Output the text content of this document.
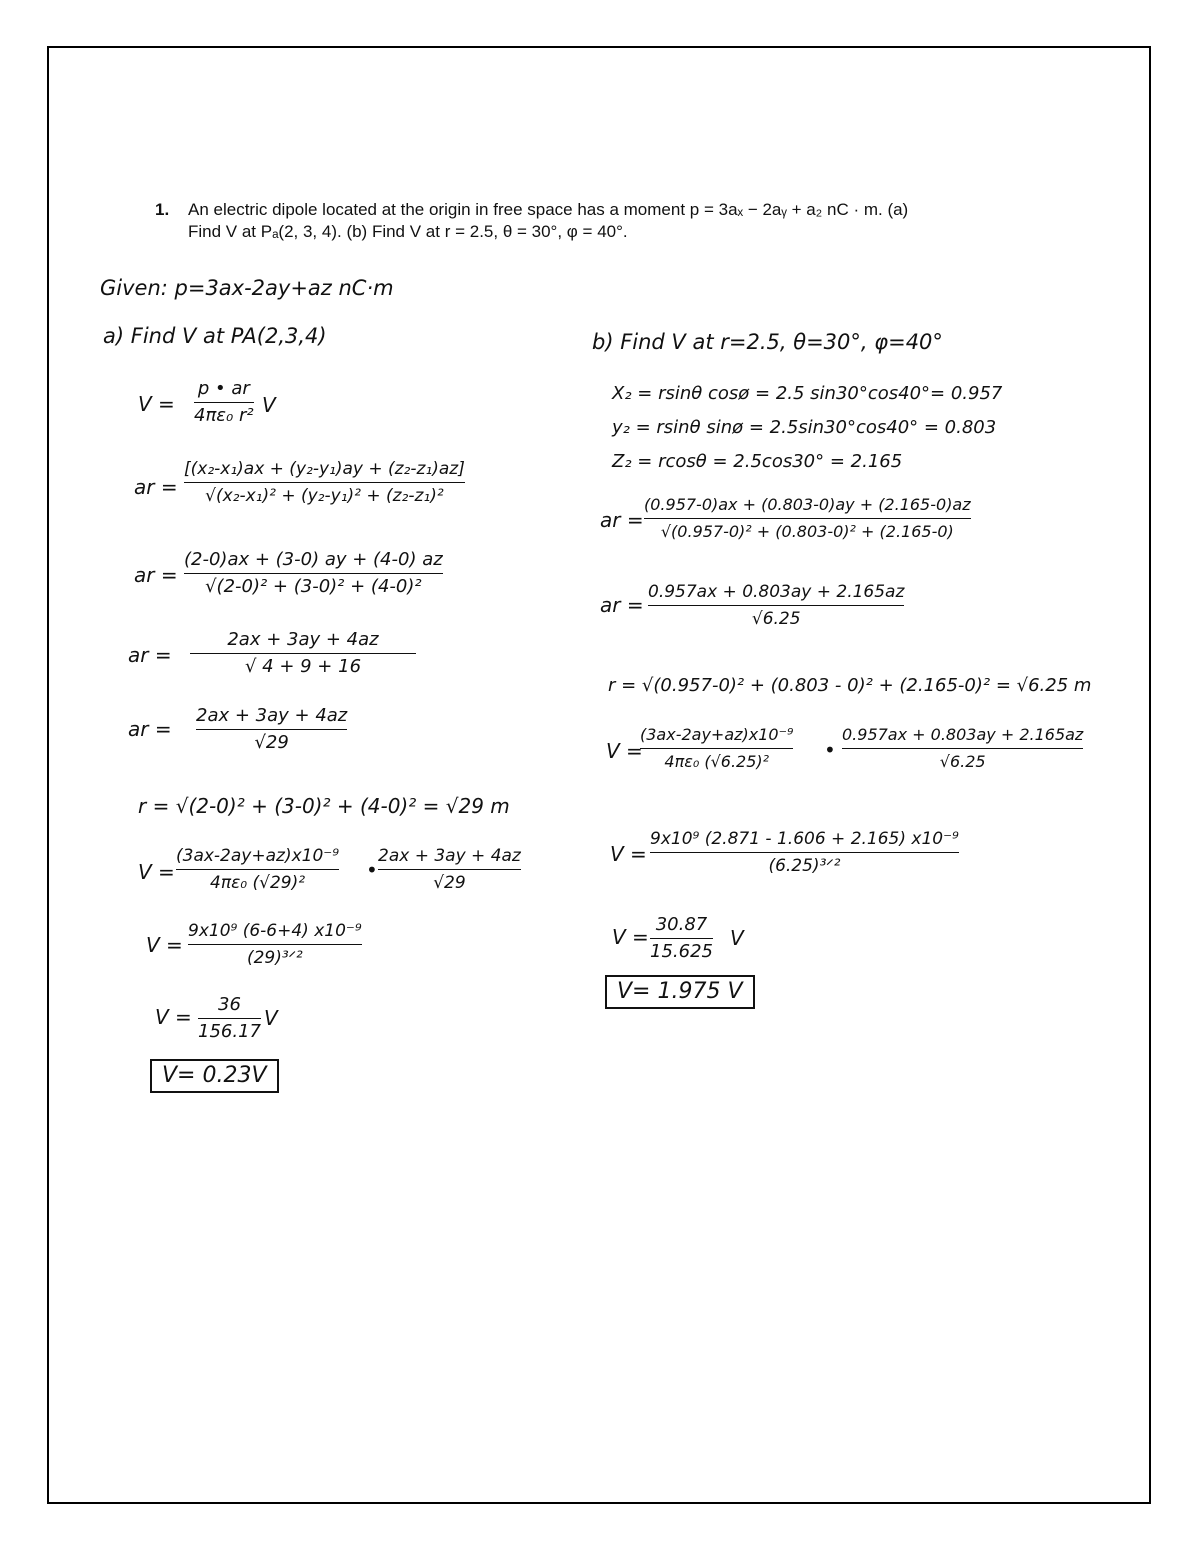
1. An electric dipole located at the origin in free space has a moment p = 3aₓ − 2aᵧ + a₂ nC · m. (a)
Find V at Pₐ(2, 3, 4). (b) Find V at r = 2.5, θ = 30°, φ = 40°.
Given: p=3ax-2ay+az nC·m
a) Find V at PA(2,3,4)
V =
p • ar
4πε₀ r² V
ar =
[(x₂-x₁)ax + (y₂-y₁)ay + (z₂-z₁)az]
√(x₂-x₁)² + (y₂-y₁)² + (z₂-z₁)²
ar =
(2-0)ax + (3-0) ay + (4-0) az
√(2-0)² + (3-0)² + (4-0)²
ar =
2ax + 3ay + 4az
√ 4 + 9 + 16
ar =
2ax + 3ay + 4az
√29
r = √(2-0)² + (3-0)² + (4-0)² = √29 m
V =
(3ax-2ay+az)x10⁻⁹
4πε₀ (√29)²
•
2ax + 3ay + 4az
√29
V =
9x10⁹ (6-6+4) x10⁻⁹
(29)³ᐟ²
V =
36
156.17
V
V= 0.23V
b) Find V at r=2.5, θ=30°, φ=40°
X₂ = rsinθ cosø = 2.5 sin30°cos40°= 0.957
y₂ = rsinθ sinø = 2.5sin30°cos40° = 0.803
Z₂ = rcosθ = 2.5cos30° = 2.165
ar =
(0.957-0)ax + (0.803-0)ay + (2.165-0)az
√(0.957-0)² + (0.803-0)² + (2.165-0)
ar =
0.957ax + 0.803ay + 2.165az
√6.25
r = √(0.957-0)² + (0.803 - 0)² + (2.165-0)² = √6.25 m
V =
(3ax-2ay+az)x10⁻⁹
4πε₀ (√6.25)²	•
0.957ax + 0.803ay + 2.165az
√6.25
V =
9x10⁹ (2.871 - 1.606 + 2.165) x10⁻⁹
(6.25)³ᐟ²
V =
30.87
15.625
V
V= 1.975 V
